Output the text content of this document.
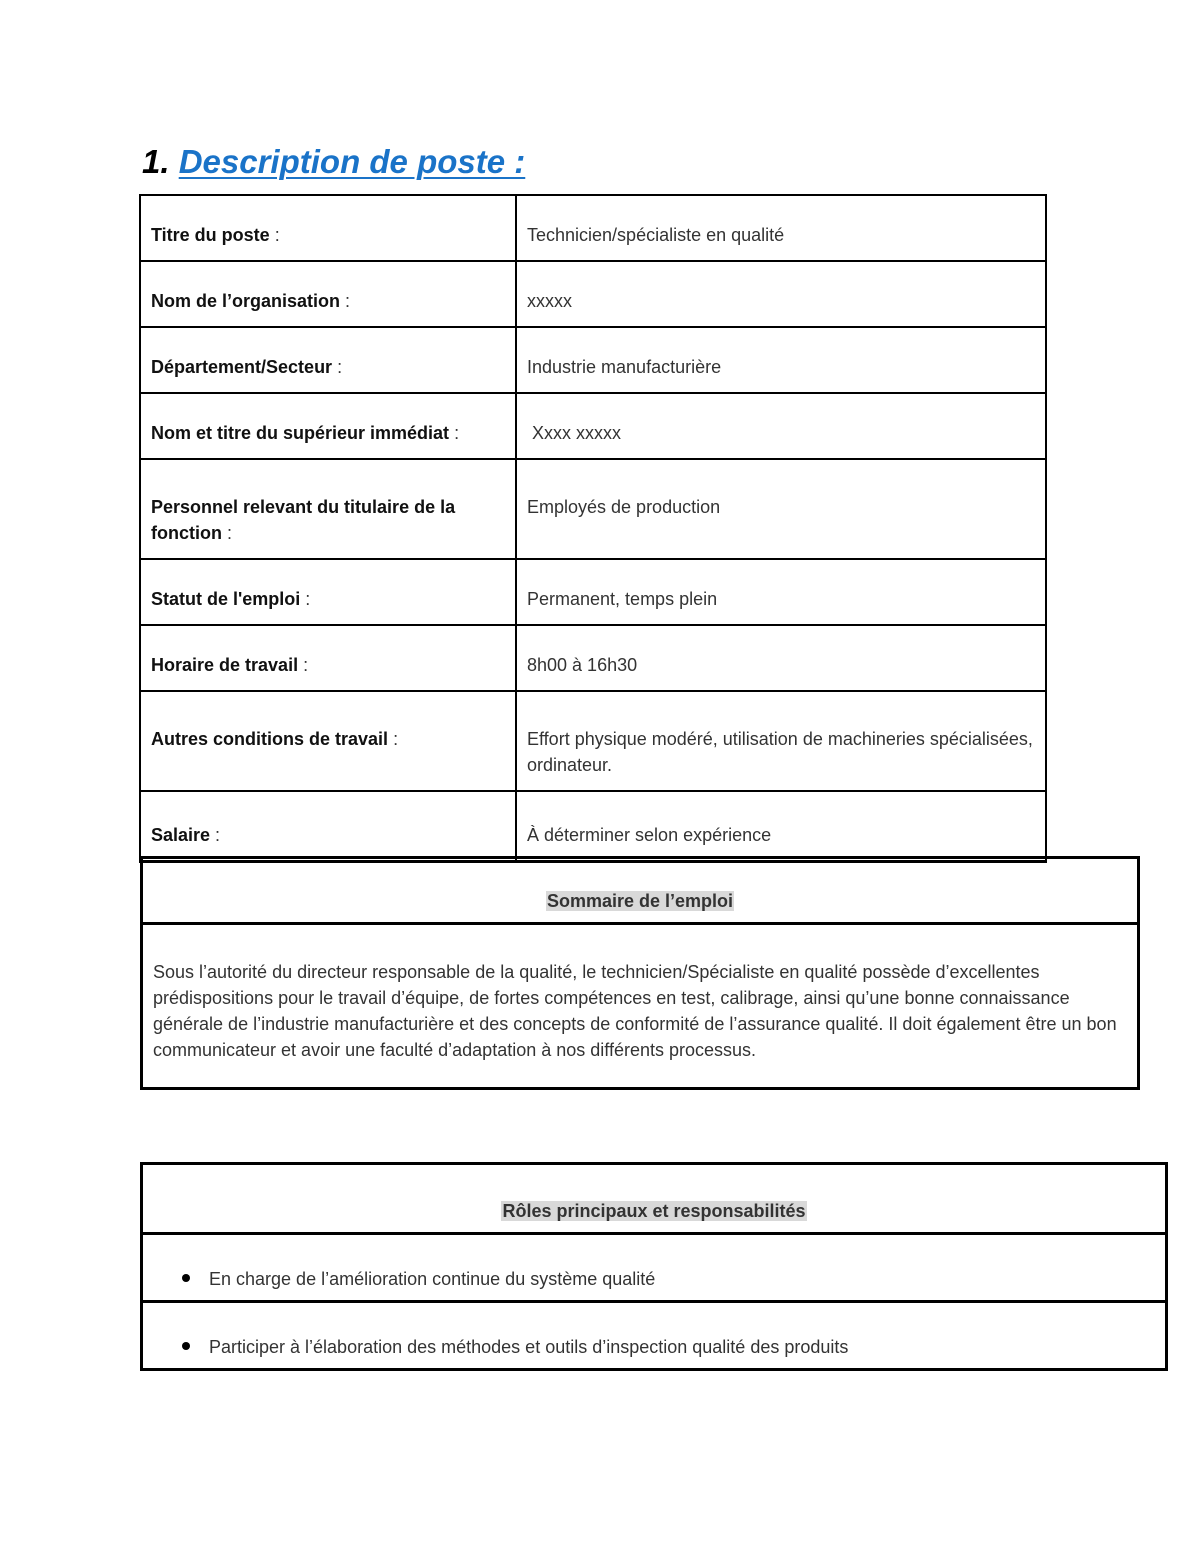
1. Description de poste :
Titre du poste :	Technicien/spécialiste en qualité
Nom de l’organisation :	xxxxx
Département/Secteur :	Industrie manufacturière
Nom et titre du supérieur immédiat :	Xxxx xxxxx
Personnel relevant du titulaire de la fonction :	Employés de production
Statut de l'emploi :	Permanent, temps plein
Horaire de travail :	8h00 à 16h30
Autres conditions de travail :	Effort physique modéré, utilisation de machineries spécialisées, ordinateur.
Salaire :	À déterminer selon expérience
Sommaire de l’emploi
Sous l’autorité du directeur responsable de la qualité, le technicien/Spécialiste en qualité possède d’excellentes prédispositions pour le travail d’équipe, de fortes compétences en test, calibrage, ainsi qu’une bonne connaissance générale de l’industrie manufacturière et des concepts de conformité de l’assurance qualité. Il doit également être un bon communicateur et avoir une faculté d’adaptation à nos différents processus.
Rôles principaux et responsabilités

En charge de l’amélioration continue du système qualité

Participer à l’élaboration des méthodes et outils d’inspection qualité des produits
